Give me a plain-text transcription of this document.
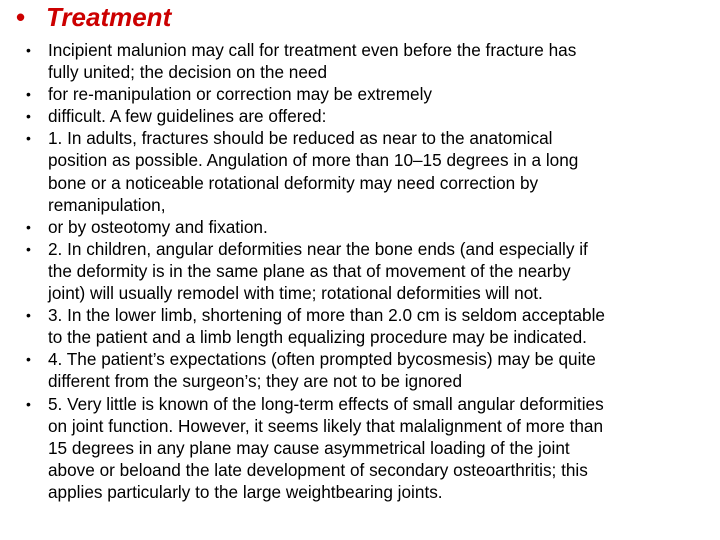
• Treatment
• Incipient malunion may call for treatment even before the fracture has
fully united; the decision on the need
• for re-manipulation or correction may be extremely
• difficult. A few guidelines are offered:
• 1. In adults, fractures should be reduced as near to the anatomical
position as possible. Angulation of more than 10–15 degrees in a long
bone or a noticeable rotational deformity may need correction by
remanipulation,
• or by osteotomy and fixation.
• 2. In children, angular deformities near the bone ends (and especially if
the deformity is in the same plane as that of movement of the nearby
joint) will usually remodel with time; rotational deformities will not.
• 3. In the lower limb, shortening of more than 2.0 cm is seldom acceptable
to the patient and a limb length equalizing procedure may be indicated.
• 4. The patient’s expectations (often prompted bycosmesis) may be quite
different from the surgeon’s; they are not to be ignored
• 5. Very little is known of the long-term effects of small angular deformities
on joint function. However, it seems likely that malalignment of more than
15 degrees in any plane may cause asymmetrical loading of the joint
above or beloand the late development of secondary osteoarthritis; this
applies particularly to the large weightbearing joints.
